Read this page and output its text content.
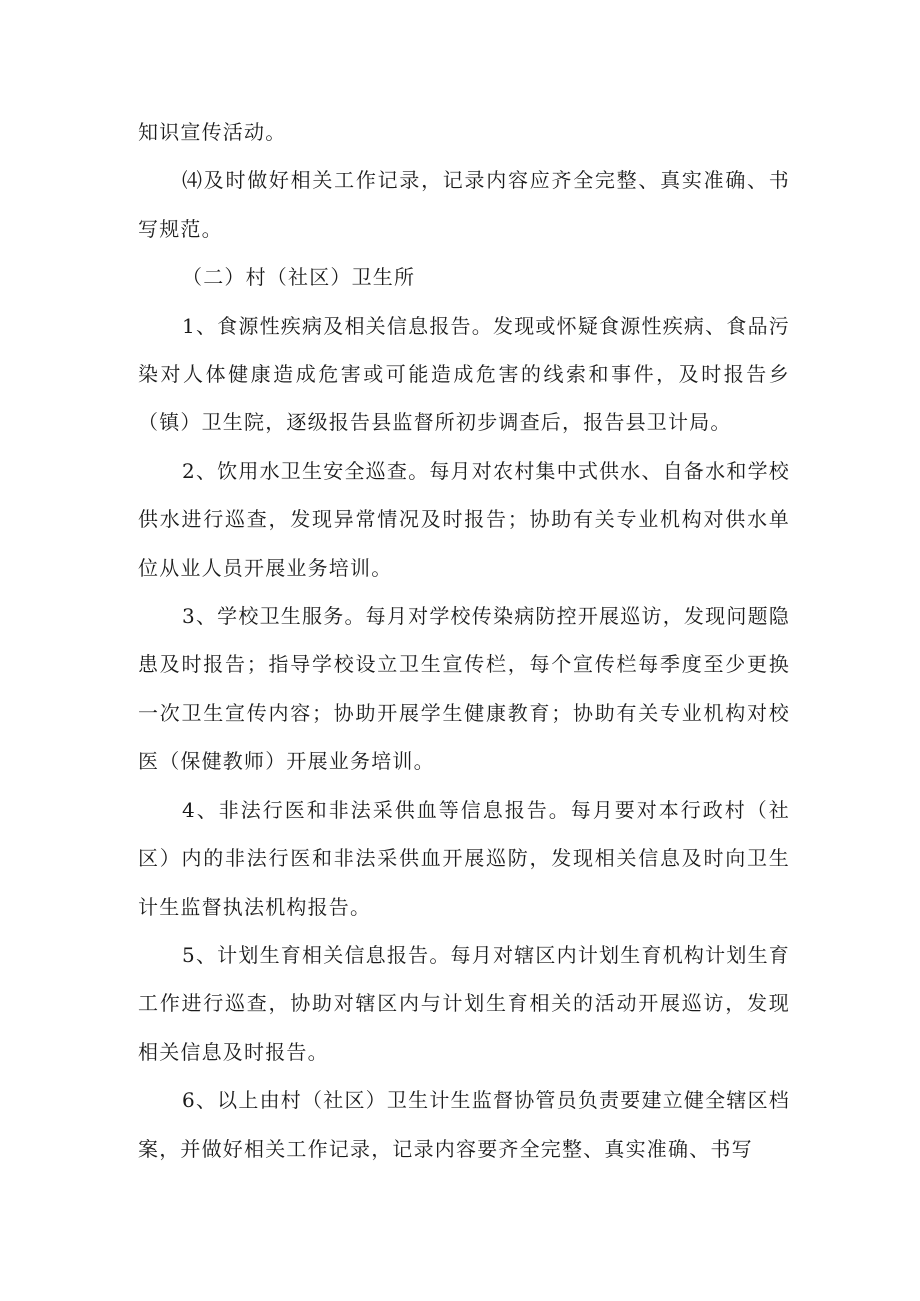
知识宣传活动。

⑷及时做好相关工作记录，记录内容应齐全完整、真实准确、书写规范。

（二）村（社区）卫生所

1、食源性疾病及相关信息报告。发现或怀疑食源性疾病、食品污染对人体健康造成危害或可能造成危害的线索和事件，及时报告乡（镇）卫生院，逐级报告县监督所初步调查后，报告县卫计局。

2、饮用水卫生安全巡查。每月对农村集中式供水、自备水和学校供水进行巡查，发现异常情况及时报告；协助有关专业机构对供水单位从业人员开展业务培训。

3、学校卫生服务。每月对学校传染病防控开展巡访，发现问题隐患及时报告；指导学校设立卫生宣传栏，每个宣传栏每季度至少更换一次卫生宣传内容；协助开展学生健康教育；协助有关专业机构对校医（保健教师）开展业务培训。

4、非法行医和非法采供血等信息报告。每月要对本行政村（社区）内的非法行医和非法采供血开展巡防，发现相关信息及时向卫生计生监督执法机构报告。

5、计划生育相关信息报告。每月对辖区内计划生育机构计划生育工作进行巡查，协助对辖区内与计划生育相关的活动开展巡访，发现相关信息及时报告。

6、以上由村（社区）卫生计生监督协管员负责要建立健全辖区档案，并做好相关工作记录，记录内容要齐全完整、真实准确、书写
